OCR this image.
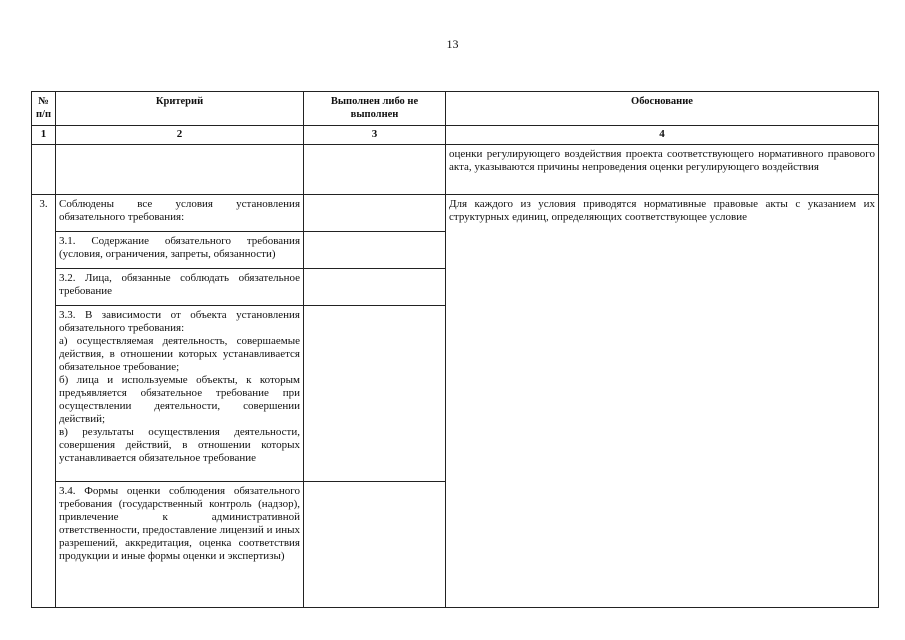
13
№ п/п	Критерий	Выполнен либо не выполнен	Обоснование
1	2	3	4
			оценки регулирующего воздействия проекта соответствующего нормативного правового акта, указываются причины непроведения оценки регулирующего воздействия
3.	Соблюдены все условия установления обязательного требования:		Для каждого из условия приводятся нормативные правовые акты с указанием их структурных единиц, определяющих соответствующее условие
	3.1. Содержание обязательного требования (условия, ограничения, запреты, обязанности)		
	3.2. Лица, обязанные соблюдать обязательное требование		

	3.3. В зависимости от объекта установления обязательного требования:
а) осуществляемая деятельность, совершаемые действия, в отношении которых устанавливается обязательное требование;
б) лица и используемые объекты, к которым предъявляется обязательное требование при осуществлении деятельности, совершении действий;
в) результаты осуществления деятельности, совершения действий, в отношении которых устанавливается обязательное требование		

	3.4. Формы оценки соблюдения обязательного требования (государственный контроль (надзор), привлечение к административной ответственности, предоставление лицензий и иных разрешений, аккредитация, оценка соответствия продукции и иные формы оценки и экспертизы)		
